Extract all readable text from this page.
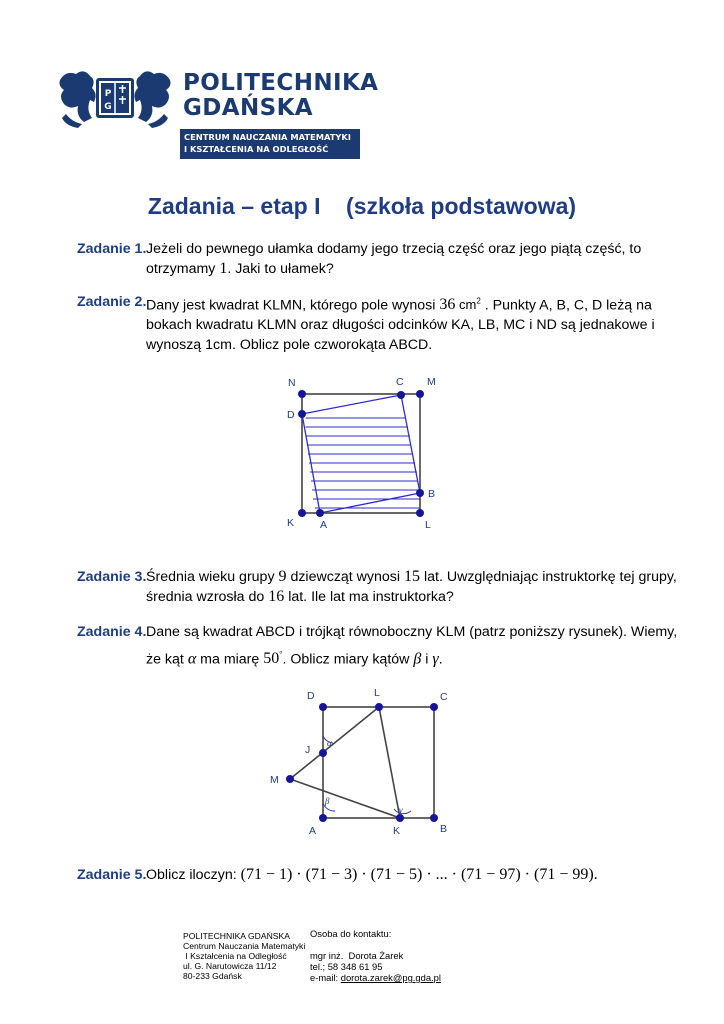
P
G
POLITECHNIKA
GDAŃSKA
CENTRUM NAUCZANIA MATEMATYKI
I KSZTAŁCENIA NA ODLEGŁOŚĆ
Zadania – etap I    (szkoła podstawowa)
Zadanie 1. Jeżeli do pewnego ułamka dodamy jego trzecią część oraz jego piątą część, to
otrzymamy 1. Jaki to ułamek?
Zadanie 2. Dany jest kwadrat KLMN, którego pole wynosi 36 $cm^2$ . Punkty A, B, C, D leżą na
bokach kwadratu KLMN oraz długości odcinków KA, LB, MC i ND są jednakowe i
wynoszą 1cm. Oblicz pole czworokąta ABCD.
N	C M
D
B
K A	L
Zadanie 3. Średnia wieku grupy 9 dziewcząt wynosi 15 lat. Uwzględniając instruktorkę tej grupy,
średnia wzrosła do 16 lat. Ile lat ma instruktorka?
Zadanie 4. Dane są kwadrat ABCD i trójkąt równoboczny KLM (patrz poniższy rysunek). Wiemy,
że kąt α ma miarę 50°. Oblicz miary kątów β i γ.
D	L	C
J
M
A	K	B
α
β
γ
Zadanie 5. Oblicz iloczyn: (71 − 1) · (71 − 3) · (71 − 5) · ... · (71 − 97) · (71 − 99).
POLITECHNIKA GDAŃSKA
Centrum Nauczania Matematyki
I Kształcenia na Odległość
ul. G. Narutowicza 11/12
80-233 Gdańsk
Osoba do kontaktu:
mgr inż.  Dorota Żarek
tel.; 58 348 61 95
e-mail: dorota.zarek@pg.gda.pl
